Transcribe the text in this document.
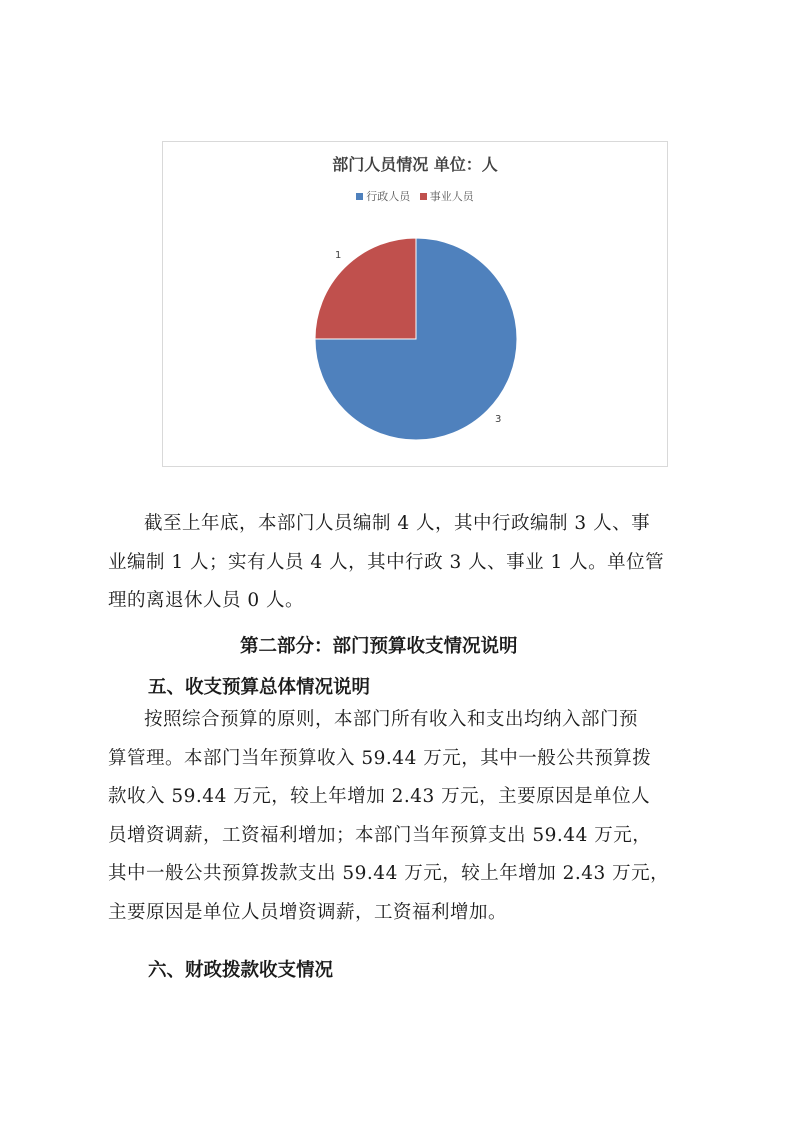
部门人员情况 单位：人
行政人员 事业人员
3
1
截至上年底，本部门人员编制 4 人，其中行政编制 3 人、事
业编制 1 人；实有人员 4 人，其中行政 3 人、事业 1 人。单位管
理的离退休人员 0 人。
第二部分：部门预算收支情况说明
五、收支预算总体情况说明
按照综合预算的原则，本部门所有收入和支出均纳入部门预
算管理。本部门当年预算收入 59.44 万元，其中一般公共预算拨
款收入 59.44 万元，较上年增加 2.43 万元，主要原因是单位人
员增资调薪，工资福利增加；本部门当年预算支出 59.44 万元，
其中一般公共预算拨款支出 59.44 万元，较上年增加 2.43 万元，
主要原因是单位人员增资调薪，工资福利增加。
六、财政拨款收支情况
